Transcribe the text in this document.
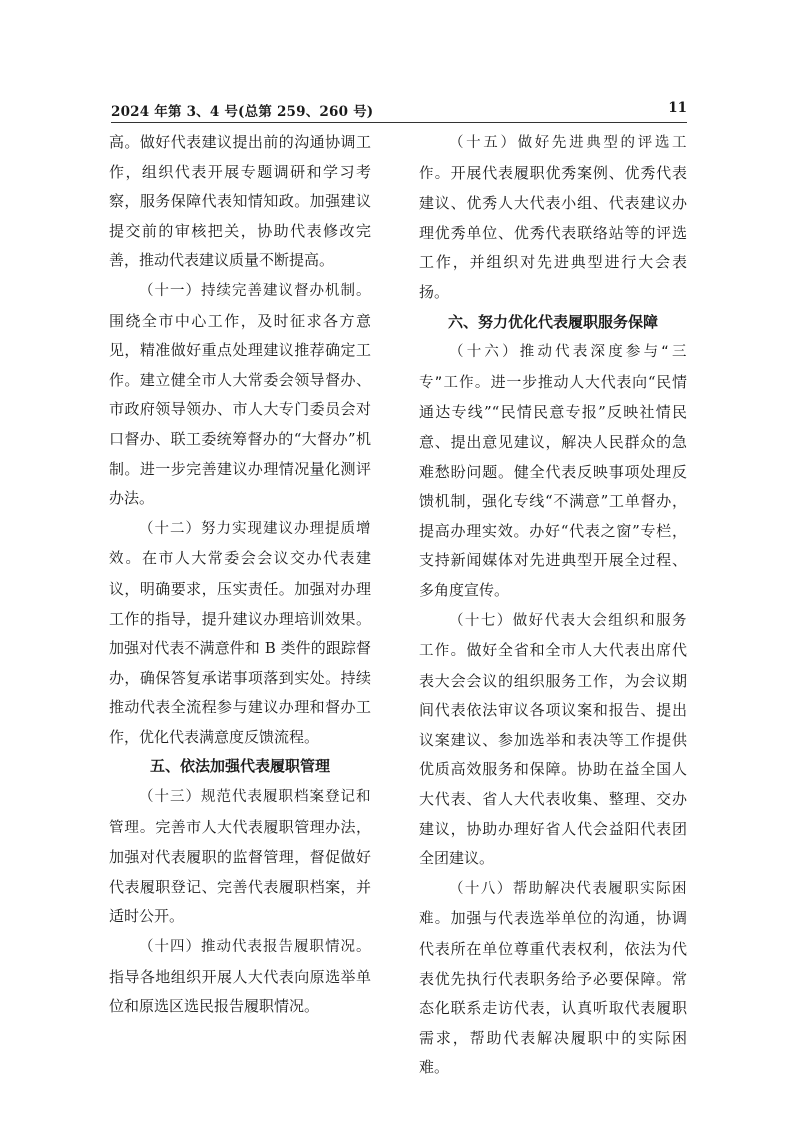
2024 年第 3、4 号(总第 259、260 号)	11

高。做好代表建议提出前的沟通协调工作，组织代表开展专题调研和学习考察，服务保障代表知情知政。加强建议提交前的审核把关，协助代表修改完善，推动代表建议质量不断提高。

（十一）持续完善建议督办机制。围绕全市中心工作，及时征求各方意见，精准做好重点处理建议推荐确定工作。建立健全市人大常委会领导督办、市政府领导领办、市人大专门委员会对口督办、联工委统筹督办的“大督办”机制。进一步完善建议办理情况量化测评办法。

（十二）努力实现建议办理提质增效。在市人大常委会会议交办代表建议，明确要求，压实责任。加强对办理工作的指导，提升建议办理培训效果。加强对代表不满意件和 B 类件的跟踪督办，确保答复承诺事项落到实处。持续推动代表全流程参与建议办理和督办工作，优化代表满意度反馈流程。

五、依法加强代表履职管理

（十三）规范代表履职档案登记和管理。完善市人大代表履职管理办法，加强对代表履职的监督管理，督促做好代表履职登记、完善代表履职档案，并适时公开。

（十四）推动代表报告履职情况。指导各地组织开展人大代表向原选举单位和原选区选民报告履职情况。

（十五）做好先进典型的评选工作。开展代表履职优秀案例、优秀代表建议、优秀人大代表小组、代表建议办理优秀单位、优秀代表联络站等的评选工作，并组织对先进典型进行大会表扬。

六、努力优化代表履职服务保障

（十六）推动代表深度参与“三专”工作。进一步推动人大代表向“民情通达专线”“民情民意专报”反映社情民意、提出意见建议，解决人民群众的急难愁盼问题。健全代表反映事项处理反馈机制，强化专线“不满意”工单督办，提高办理实效。办好“代表之窗”专栏，支持新闻媒体对先进典型开展全过程、多角度宣传。

（十七）做好代表大会组织和服务工作。做好全省和全市人大代表出席代表大会会议的组织服务工作，为会议期间代表依法审议各项议案和报告、提出议案建议、参加选举和表决等工作提供优质高效服务和保障。协助在益全国人大代表、省人大代表收集、整理、交办建议，协助办理好省人代会益阳代表团全团建议。

（十八）帮助解决代表履职实际困难。加强与代表选举单位的沟通，协调代表所在单位尊重代表权利，依法为代表优先执行代表职务给予必要保障。常态化联系走访代表，认真听取代表履职需求，帮助代表解决履职中的实际困难。
